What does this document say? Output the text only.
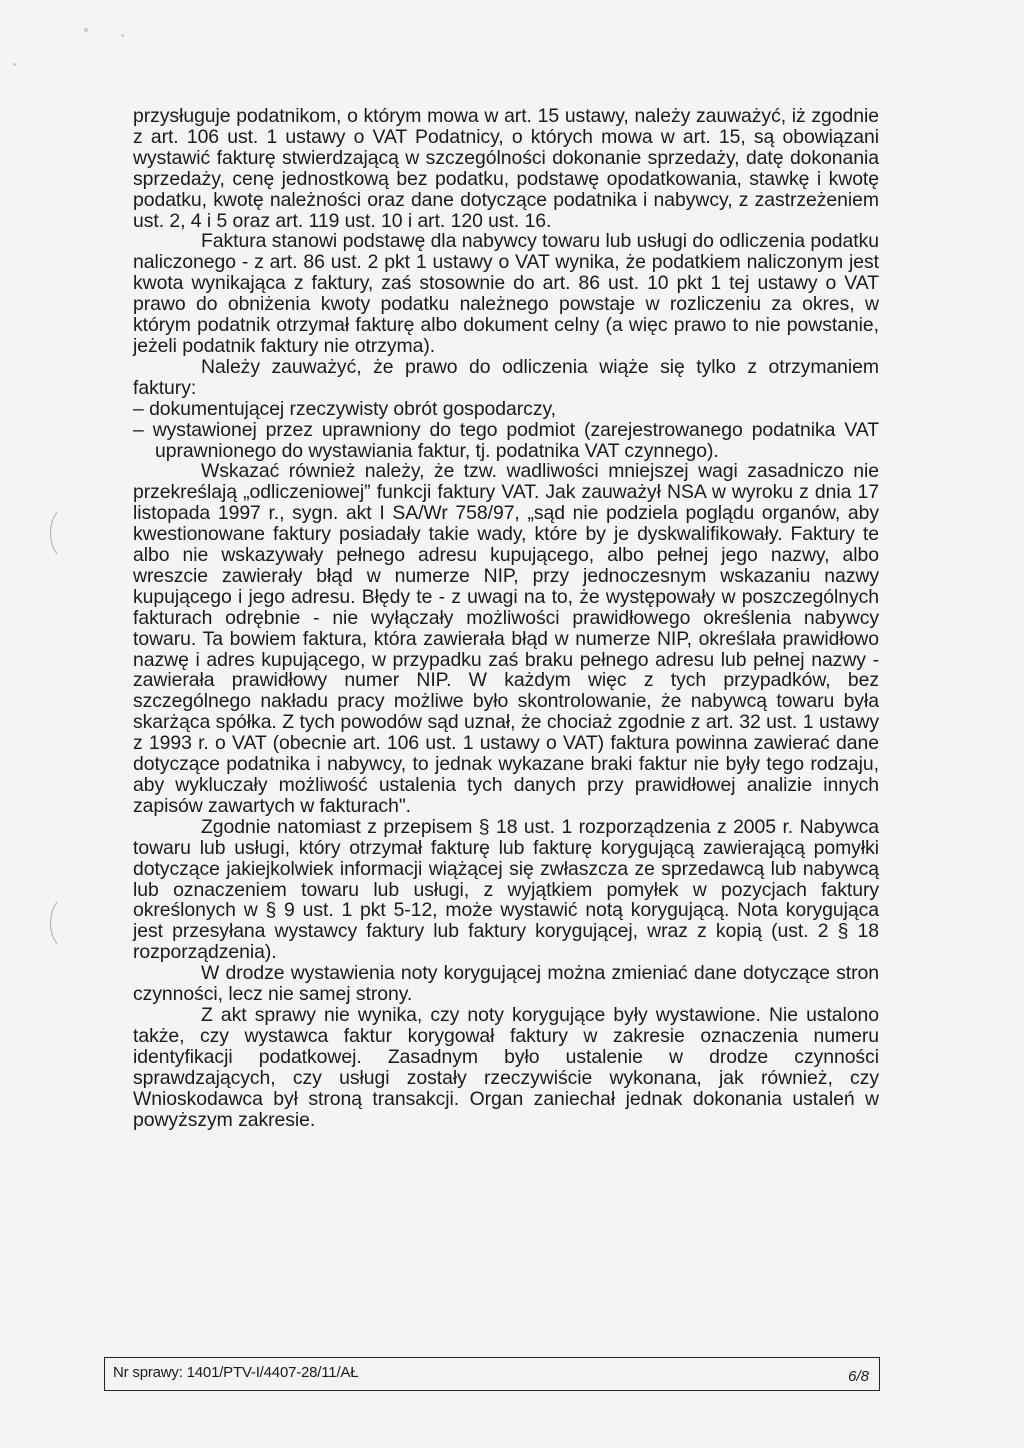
przysługuje podatnikom, o którym mowa w art. 15 ustawy, należy zauważyć, iż zgodnie z art. 106 ust. 1 ustawy o VAT Podatnicy, o których mowa w art. 15, są obowiązani wystawić fakturę stwierdzającą w szczególności dokonanie sprzedaży, datę dokonania sprzedaży, cenę jednostkową bez podatku, podstawę opodatkowania, stawkę i kwotę podatku, kwotę należności oraz dane dotyczące podatnika i nabywcy, z zastrzeżeniem ust. 2, 4 i 5 oraz art. 119 ust. 10 i art. 120 ust. 16.

Faktura stanowi podstawę dla nabywcy towaru lub usługi do odliczenia podatku naliczonego - z art. 86 ust. 2 pkt 1 ustawy o VAT wynika, że podatkiem naliczonym jest kwota wynikająca z faktury, zaś stosownie do art. 86 ust. 10 pkt 1 tej ustawy o VAT prawo do obniżenia kwoty podatku należnego powstaje w rozliczeniu za okres, w którym podatnik otrzymał fakturę albo dokument celny (a więc prawo to nie powstanie, jeżeli podatnik faktury nie otrzyma).

Należy zauważyć, że prawo do odliczenia wiąże się tylko z otrzymaniem faktury:

– dokumentującej rzeczywisty obrót gospodarczy,

– wystawionej przez uprawniony do tego podmiot (zarejestrowanego podatnika VAT uprawnionego do wystawiania faktur, tj. podatnika VAT czynnego).

Wskazać również należy, że tzw. wadliwości mniejszej wagi zasadniczo nie przekreślają „odliczeniowej” funkcji faktury VAT. Jak zauważył NSA w wyroku z dnia 17 listopada 1997 r., sygn. akt I SA/Wr 758/97, „sąd nie podziela poglądu organów, aby kwestionowane faktury posiadały takie wady, które by je dyskwalifikowały. Faktury te albo nie wskazywały pełnego adresu kupującego, albo pełnej jego nazwy, albo wreszcie zawierały błąd w numerze NIP, przy jednoczesnym wskazaniu nazwy kupującego i jego adresu. Błędy te - z uwagi na to, że występowały w poszczególnych fakturach odrębnie - nie wyłączały możliwości prawidłowego określenia nabywcy towaru. Ta bowiem faktura, która zawierała błąd w numerze NIP, określała prawidłowo nazwę i adres kupującego, w przypadku zaś braku pełnego adresu lub pełnej nazwy - zawierała prawidłowy numer NIP. W każdym więc z tych przypadków, bez szczególnego nakładu pracy możliwe było skontrolowanie, że nabywcą towaru była skarżąca spółka. Z tych powodów sąd uznał, że chociaż zgodnie z art. 32 ust. 1 ustawy z 1993 r. o VAT (obecnie art. 106 ust. 1 ustawy o VAT) faktura powinna zawierać dane dotyczące podatnika i nabywcy, to jednak wykazane braki faktur nie były tego rodzaju, aby wykluczały możliwość ustalenia tych danych przy prawidłowej analizie innych zapisów zawartych w fakturach".

Zgodnie natomiast z przepisem § 18 ust. 1 rozporządzenia z 2005 r. Nabywca towaru lub usługi, który otrzymał fakturę lub fakturę korygującą zawierającą pomyłki dotyczące jakiejkolwiek informacji wiążącej się zwłaszcza ze sprzedawcą lub nabywcą lub oznaczeniem towaru lub usługi, z wyjątkiem pomyłek w pozycjach faktury określonych w § 9 ust. 1 pkt 5-12, może wystawić notą korygującą. Nota korygująca jest przesyłana wystawcy faktury lub faktury korygującej, wraz z kopią (ust. 2 § 18 rozporządzenia).

W drodze wystawienia noty korygującej można zmieniać dane dotyczące stron czynności, lecz nie samej strony.

Z akt sprawy nie wynika, czy noty korygujące były wystawione. Nie ustalono także, czy wystawca faktur korygował faktury w zakresie oznaczenia numeru identyfikacji podatkowej. Zasadnym było ustalenie w drodze czynności sprawdzających, czy usługi zostały rzeczywiście wykonana, jak również, czy Wnioskodawca był stroną transakcji. Organ zaniechał jednak dokonania ustaleń w powyższym zakresie.

Nr sprawy: 1401/PTV-I/4407-28/11/AŁ	6/8
